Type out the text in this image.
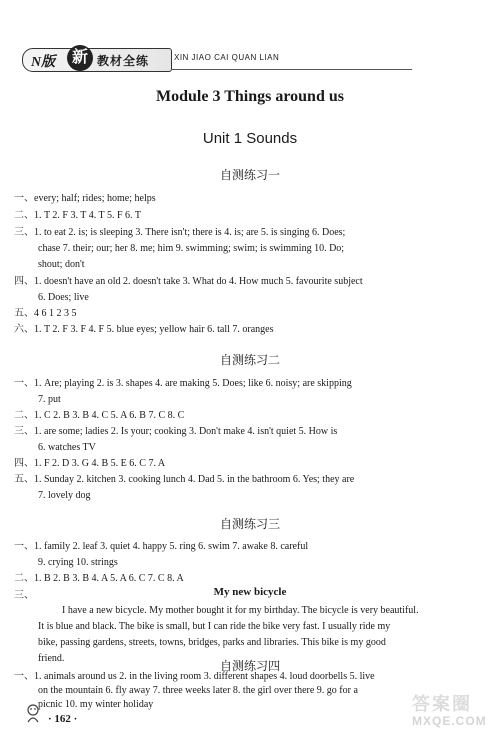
N版	新 教材全练	XIN JIAO CAI QUAN LIAN
Module 3 Things around us
Unit 1 Sounds
自测练习一
一、every; half; rides; home; helps
二、1. T 2. F 3. T 4. T 5. F 6. T
三、1. to eat 2. is; is sleeping 3. There isn't; there is 4. is; are 5. is singing 6. Does;
chase 7. their; our; her 8. me; him 9. swimming; swim; is swimming 10. Do;
shout; don't
四、1. doesn't have an old 2. doesn't take 3. What do 4. How much 5. favourite subject
6. Does; live
五、4 6 1 2 3 5
六、1. T 2. F 3. F 4. F 5. blue eyes; yellow hair 6. tall 7. oranges
自测练习二
一、1. Are; playing 2. is 3. shapes 4. are making 5. Does; like 6. noisy; are skipping
7. put
二、1. C 2. B 3. B 4. C 5. A 6. B 7. C 8. C
三、1. are some; ladies 2. Is your; cooking 3. Don't make 4. isn't quiet 5. How is
6. watches TV
四、1. F 2. D 3. G 4. B 5. E 6. C 7. A
五、1. Sunday 2. kitchen 3. cooking lunch 4. Dad 5. in the bathroom 6. Yes; they are
7. lovely dog
自测练习三
一、1. family 2. leaf 3. quiet 4. happy 5. ring 6. swim 7. awake 8. careful
9. crying 10. strings
二、1. B 2. B 3. B 4. A 5. A 6. C 7. C 8. A
三、	My new bicycle
I have a new bicycle. My mother bought it for my birthday. The bicycle is very beautiful.
It is blue and black. The bike is small, but I can ride the bike very fast. I usually ride my
bike, passing gardens, streets, towns, bridges, parks and libraries. This bike is my good
friend.
自测练习四
一、1. animals around us 2. in the living room 3. different shapes 4. loud doorbells 5. live
on the mountain 6. fly away 7. three weeks later 8. the girl over there 9. go for a
picnic 10. my winter holiday
· 162 ·
答案圈
MXQE.COM
